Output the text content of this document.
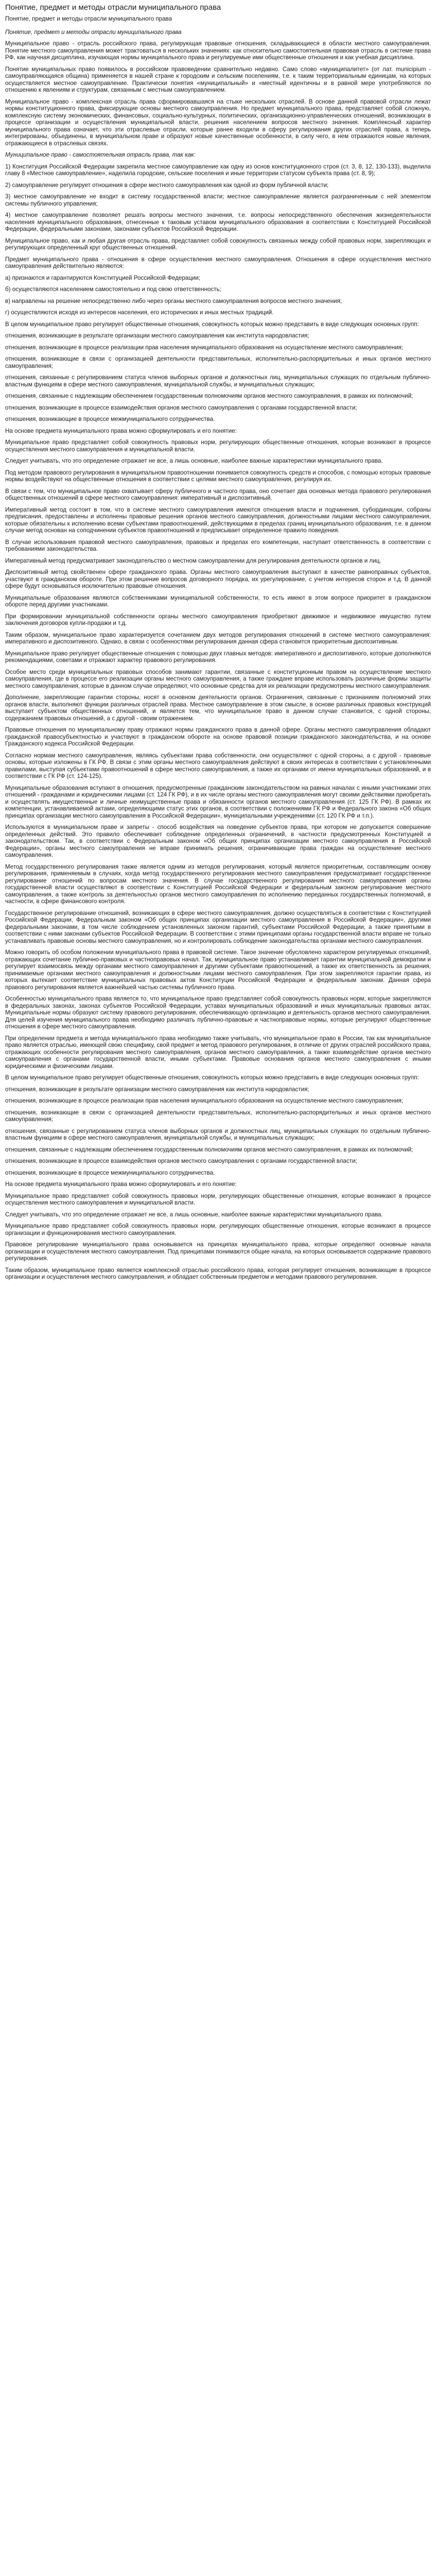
Понятие, предмет и методы отрасли муниципального права
Понятие, предмет и методы отрасли муниципального права

Понятие, предмет и методы отрасли муниципального права

Муниципальное право - отрасль российского права, регулирующая правовые отношения, складывающиеся в области местного самоуправления. Понятие местного самоуправления может трактоваться в нескольких значениях: как относительно самостоятельная правовая отрасль в системе права РФ, как научная дисциплина, изучающая нормы муниципального права и регулируемые ими общественные отношения и как учебная дисциплина.

Понятие муниципальных право появилось в российском правоведении сравнительно недавно. Само слово «муниципалитет» (от лат. municipium - самоуправляющаяся община) применяется в нашей стране к городским и сельским поселениям, т.е. к таким территориальным единицам, на которых осуществляется местное самоуправление. Практически понятия «муниципальный» и «местный идентичны и в равной мере употребляются по отношению к явлениям и структурам, связанным с местным самоуправлением.

Муниципальное право - комплексная отрасль права сформировавшаяся на стыке нескольких отраслей. В основе данной правовой отрасли лежат нормы конституционного права, фиксирующие основы местного самоуправления. Но предмет муниципального права, представляет собой сложную, комплексную систему экономических, финансовых, социально-культурных, политических, организационно-управленческих отношений, возникающих в процессе организации и осуществления муниципальной власти, решения населением вопросов местного значения. Комплексный характер муниципального права означает, что эти отраслевые отрасли, которые ранее входили в сферу регулирования других отраслей права, а теперь интегрированы, объединены, в муниципальном праве и образуют новые качественные особенности, в силу чего, в нем отражаются новые явления, отражающиеся в отраслевых связях.

Муниципальное право - самостоятельная отрасль права, так как:

1) Конституция Российской Федерации закрепила местное самоуправление как одну из основ конституционного строя (ст. 3, 8, 12, 130-133), выделила главу 8 «Местное самоуправление», наделила городские, сельские поселения и иные территории статусом субъекта права (ст. 8, 9);

2) самоуправление регулирует отношения в сфере местного самоуправления как одной из форм публичной власти;

3) местное самоуправление не входит в систему государственной власти; местное самоуправление является разграниченным с ней элементом системы публичного управления;

4) местное самоуправление позволяет решать вопросы местного значения, т.е. вопросы непосредственного обеспечения жизнедеятельности населения муниципального образования, отнесенные к таковым уставом муниципального образования в соответствии с Конституцией Российской Федерации, федеральными законами, законами субъектов Российской Федерации.

Муниципальное право, как и любая другая отрасль права, представляет собой совокупность связанных между собой правовых норм, закрепляющих и регулирующих определенный круг общественных отношений.

Предмет муниципального права - отношения в сфере осуществления местного самоуправления. Отношения в сфере осуществления местного самоуправления действительно являются:

а) признаются и гарантируются Конституцией Российской Федерации;

б) осуществляются населением самостоятельно и под свою ответственность;

в) направлены на решение непосредственно либо через органы местного самоуправления вопросов местного значения;

г) осуществляются исходя из интересов населения, его исторических и иных местных традиций.

В целом муниципальное право регулирует общественные отношения, совокупность которых можно представить в виде следующих основных групп:

отношения, возникающие в результате организации местного самоуправления как института народовластия;

отношения, возникающие в процессе реализации прав населения муниципального образования на осуществление местного самоуправления;

отношения, возникающие в связи с организацией деятельности представительных, исполнительно-распорядительных и иных органов местного самоуправления;

отношения, связанные с регулированием статуса членов выборных органов и должностных лиц, муниципальных служащих по отдельным публично-властным функциям в сфере местного самоуправления, муниципальной службы, и муниципальных служащих;

отношения, связанные с надлежащим обеспечением государственным полномочиям органов местного самоуправления, в рамках их полномочий;

отношения, возникающие в процессе взаимодействия органов местного самоуправления с органами государственной власти;

отношения, возникающие в процессе межмуниципального сотрудничества.

На основе предмета муниципального права можно сформулировать и его понятие:

Муниципальное право представляет собой совокупность правовых норм, регулирующих общественные отношения, которые возникают в процессе осуществления местного самоуправления и муниципальной власти.

Следует учитывать, что это определение отражает не все, а лишь основные, наиболее важные характеристики муниципального права.

Под методом правового регулирования в муниципальном правоотношении понимается совокупность средств и способов, с помощью которых правовые нормы воздействуют на общественные отношения в соответствии с целями местного самоуправления, регулируя их.

В связи с тем, что муниципальное право охватывает сферу публичного и частного права, оно сочетает два основных метода правового регулирования общественных отношений в сфере местного самоуправления: императивный и диспозитивный.

Императивный метод состоит в том, что в системе местного самоуправления имеются отношения власти и подчинения, субординации, собраны предписания, предоставлены и исполнены правовые решения органов местного самоуправления, должностными лицами местного самоуправления, которые обязательны к исполнению всеми субъектами правоотношений, действующими в пределах границ муниципального образования, т.е. в данном случае метод основан на соподчинении субъектов правоотношений и предписывает определенное правило поведения.

В случае использования правовой местного самоуправления, правовых и пределах его компетенции, наступает ответственность в соответствии с требованиями законодательства.

Императивный метод предусматривает законодательство о местном самоуправлении для регулирования деятельности органов и лиц.

Диспозитивный метод свойственен сфере гражданского права. Органы местного самоуправления выступают в качестве равноправных субъектов, участвуют в гражданском обороте. При этом решение вопросов договорного порядка, их урегулирование, с учетом интересов сторон и т.д. В данной сфере будут основываться исключительно правовые отношения.

Муниципальные образования являются собственниками муниципальной собственности, то есть имеют в этом вопросе приоритет в гражданском обороте перед другими участниками.

При формировании муниципальной собственности органы местного самоуправления приобретают движимое и недвижимое имущество путем заключения договоров купли-продажи и т.д.

Таким образом, муниципальное право характеризуется сочетанием двух методов регулирования отношений в системе местного самоуправления: императивного и диспозитивного. Однако, в связи с особенностями регулирования данная сфера становится приоритетным диспозитивным.

Муниципальное право регулирует общественные отношения с помощью двух главных методов: императивного и диспозитивного, которые дополняются рекомендациями, советами и отражают характер правового регулирования.

Особое место среди муниципальных правовых способов занимают гарантии, связанные с конституционным правом на осуществление местного самоуправления, где в процессе его реализации органы местного самоуправления, а также граждане вправе использовать различные формы защиты местного самоуправления, которые в данном случае определяют, что основные средства для их реализации предусмотрены местного самоуправления.

Дополнение, закрепляющие гарантии стороны, носят в основном деятельности органов. Ограничения, связанные с признанием полномочий этих органов власти, выполняют функции различных отраслей права. Местное самоуправление в этом смысле, в основе различных правовых конструкций выступает субъектом общественных отношений, и является тем, что муниципальное право в данном случае становится, с одной стороны, содержанием правовых отношений, а с другой - своим отражением.

Правовые отношения по муниципальному праву отражают нормы гражданского права в данной сфере. Органы местного самоуправления обладают гражданской правосубъектностью и участвуют в гражданском обороте на основе правовой позиции гражданского законодательства, и на основе Гражданского кодекса Российской Федерации.

Согласно нормам местного самоуправления, являясь субъектами права собственности, они осуществляют с одной стороны, а с другой - правовые основы, которые изложены в ГК РФ. В связи с этим органы местного самоуправления действуют в своих интересах в соответствии с установленными правилами, выступая субъектами правоотношений в сфере местного самоуправления, а также их органами от имени муниципальных образований, и в соответствии с ГК РФ (ст. 124-125).

Муниципальные образования вступают в отношения, предусмотренные гражданским законодательством на равных началах с иными участниками этих отношений - гражданами и юридическими лицами (ст. 124 ГК РФ), и в их числе органы местного самоуправления могут своими действиями приобретать и осуществлять имущественные и личные неимущественные права и обязанности органов местного самоуправления (ст. 125 ГК РФ). В рамках их компетенции, устанавливаемой актами, определяющими статус этих органов, в соответствии с положениями ГК РФ и Федерального закона «Об общих принципах организации местного самоуправления в Российской Федерации», муниципальными учреждениями (ст. 120 ГК РФ и т.п.).

Используются в муниципальном праве и запреты - способ воздействия на поведение субъектов права, при котором не допускается совершение определенных действий. Это правило обеспечивает соблюдение определенных ограничений, в частности предусмотренных Конституцией и законодательством. Так, в соответствии с Федеральным законом «Об общих принципах организации местного самоуправления в Российской Федерации», органы местного самоуправления не вправе принимать решения, ограничивающие права граждан на осуществление местного самоуправления.

Метод государственного регулирования также является одним из методов регулирования, который является приоритетным, составляющим основу регулирования, применяемым в случаях, когда метод государственного регулирования местного самоуправления предусматривает государственное регулирование отношений по вопросам местного значения. В случае государственного регулирования местного самоуправления органы государственной власти осуществляют в соответствии с Конституцией Российской Федерации и федеральным законом регулирование местного самоуправления, а также контроль за деятельностью органов местного самоуправления по исполнению переданных государственных полномочий, в частности, в сфере финансового контроля.

Государственное регулирование отношений, возникающих в сфере местного самоуправления, должно осуществляться в соответствии с Конституцией Российской Федерации, Федеральным законом «Об общих принципах организации местного самоуправления в Российской Федерации», другими федеральными законами, в том числе соблюдением установленных законом гарантий, субъектами Российской Федерации, а также принятыми в соответствии с ними законами субъектов Российской Федерации. В соответствии с этими принципами органы государственной власти вправе не только устанавливать правовые основы местного самоуправления, но и контролировать соблюдение законодательства органами местного самоуправления.

Можно говорить об особом положении муниципального права в правовой системе. Такое значение обусловлено характером регулируемых отношений, отражающих сочетание публично-правовых и частноправовых начал. Так, муниципальное право устанавливает гарантии муниципальной демократии и регулирует взаимосвязь между органами местного самоуправления и другими субъектами правоотношений, а также их ответственность за решения, принимаемые органами местного самоуправления и должностными лицами местного самоуправления. При этом закрепляются гарантии права, из которых вытекает соответствие муниципальных правовых актов Конституции Российской Федерации и федеральным законам. Данная сфера правового регулирования является важнейшей частью системы публичного права.

Особенностью муниципального права является то, что муниципальное право представляет собой совокупность правовых норм, которые закрепляются в федеральных законах, законах субъектов Российской Федерации, уставах муниципальных образований и иных муниципальных правовых актах. Муниципальные нормы образуют систему правового регулирования, обеспечивающую организацию и деятельность органов местного самоуправления. Для целей изучения муниципального права необходимо различать публично-правовые и частноправовые нормы, которые регулируют общественные отношения в сфере местного самоуправления.

При определении предмета и метода муниципального права необходимо также учитывать, что муниципальное право в России, так как муниципальное право является отраслью, имеющей свою специфику, свой предмет и метод правового регулирования, в отличие от других отраслей российского права, отражающих особенности регулирования местного самоуправления, органов местного самоуправления, а также взаимодействие органов местного самоуправления с органами государственной власти, иными субъектами. Правовые основания органов местного самоуправления с иными юридическими и физическими лицами.

В целом муниципальное право регулирует общественные отношения, совокупность которых можно представить в виде следующих основных групп:

отношения, возникающие в результате организации местного самоуправления как института народовластия;

отношения, возникающие в процессе реализации прав населения муниципального образования на осуществление местного самоуправления;

отношения, возникающие в связи с организацией деятельности представительных, исполнительно-распорядительных и иных органов местного самоуправления;

отношения, связанные с регулированием статуса членов выборных органов и должностных лиц, муниципальных служащих по отдельным публично-властным функциям в сфере местного самоуправления, муниципальной службы, и муниципальных служащих;

отношения, связанные с надлежащим обеспечением государственным полномочиям органов местного самоуправления, в рамках их полномочий;

отношения, возникающие в процессе взаимодействия органов местного самоуправления с органами государственной власти;

отношения, возникающие в процессе межмуниципального сотрудничества.

На основе предмета муниципального права можно сформулировать и его понятие:

Муниципальное право представляет собой совокупность правовых норм, регулирующих общественные отношения, которые возникают в процессе осуществления местного самоуправления и муниципальной власти.

Следует учитывать, что это определение отражает не все, а лишь основные, наиболее важные характеристики муниципального права.

Муниципальное право представляет собой совокупность правовых норм, регулирующих общественные отношения, которые возникают в процессе организации и функционирования местного самоуправления.

Правовое регулирование муниципального права основывается на принципах муниципального права, которые определяют основные начала организации и осуществления местного самоуправления. Под принципами понимаются общие начала, на которых основывается содержание правового регулирования.

Таким образом, муниципальное право является комплексной отраслью российского права, которая регулирует отношения, возникающие в процессе организации и осуществления местного самоуправления, и обладает собственным предметом и методами правового регулирования.
